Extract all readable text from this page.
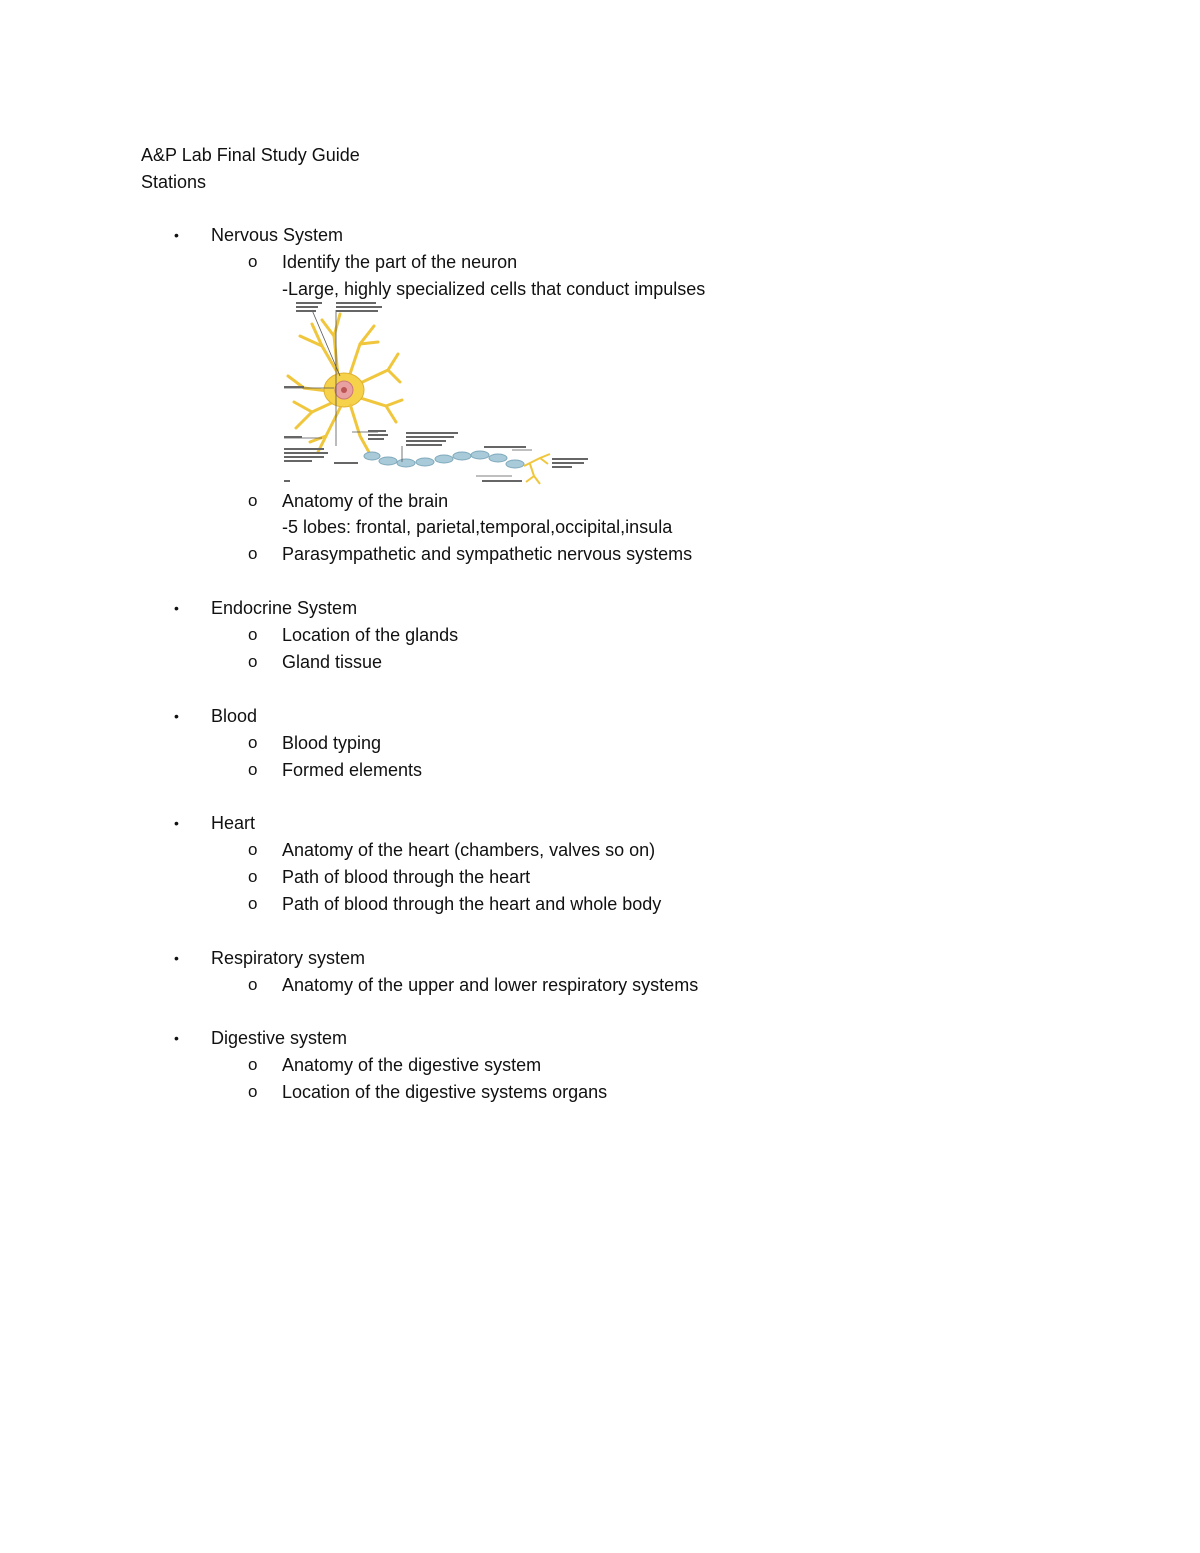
A&P Lab Final Study Guide
Stations
• Nervous System
o Identify the part of the neuron
-Large, highly specialized cells that conduct impulses
o Anatomy of the brain
-5 lobes: frontal, parietal,temporal,occipital,insula
o Parasympathetic and sympathetic nervous systems
• Endocrine System
o Location of the glands
o Gland tissue
• Blood
o Blood typing
o Formed elements
• Heart
o Anatomy of the heart (chambers, valves so on)
o Path of blood through the heart
o Path of blood through the heart and whole body
• Respiratory system
o Anatomy of the upper and lower respiratory systems
• Digestive system
o Anatomy of the digestive system
o Location of the digestive systems organs
